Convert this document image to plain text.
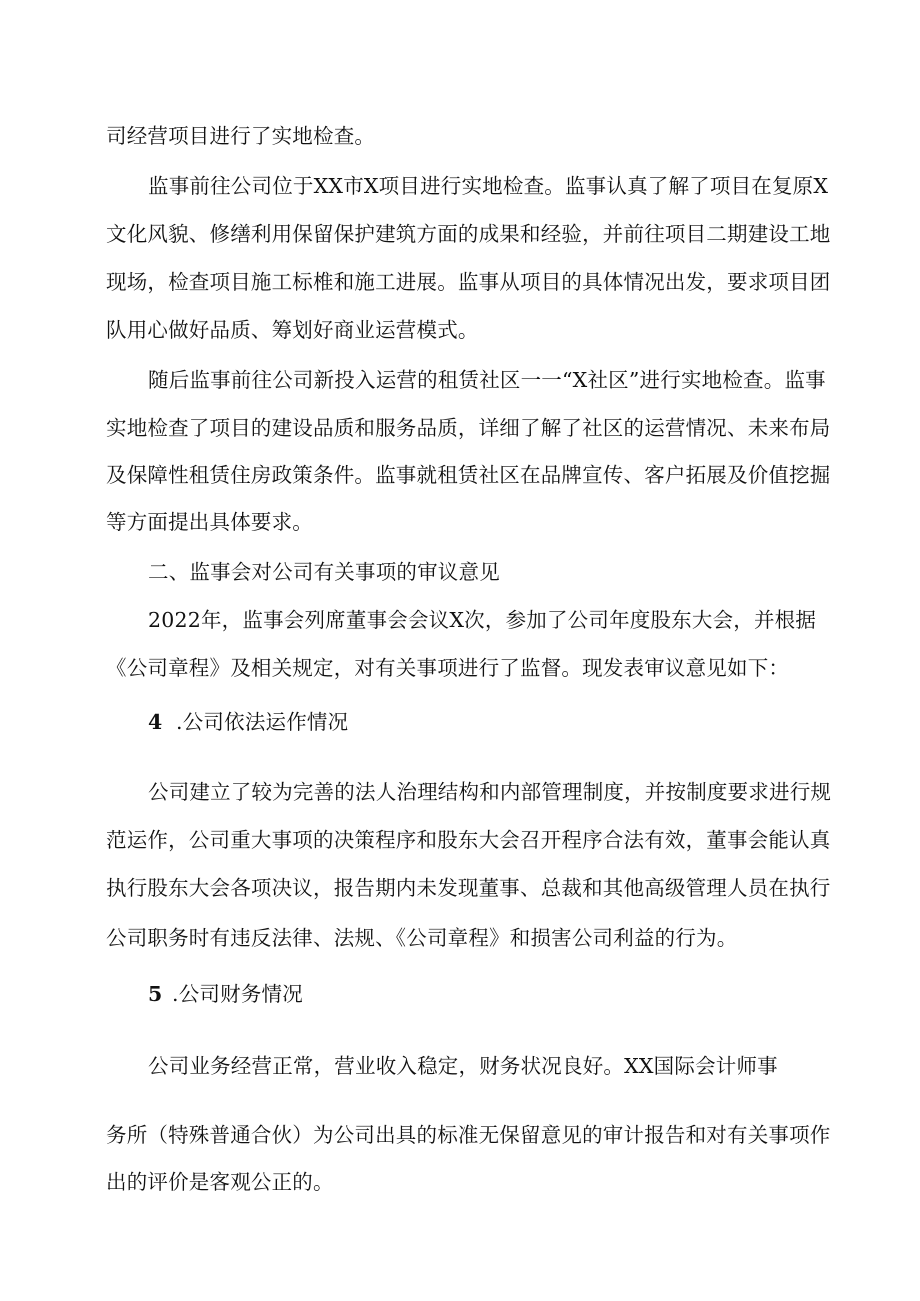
司经营项目进行了实地检查。
监事前往公司位于XX市X项目进行实地检查。监事认真了解了项目在复原X
文化风貌、修缮利用保留保护建筑方面的成果和经验，并前往项目二期建设工地
现场，检查项目施工标椎和施工进展。监事从项目的具体情况出发，要求项目团
队用心做好品质、筹划好商业运营模式。
随后监事前往公司新投入运营的租赁社区一一“X社区”进行实地检查。监事
实地检查了项目的建设品质和服务品质，详细了解了社区的运营情况、未来布局
及保障性租赁住房政策条件。监事就租赁社区在品牌宣传、客户拓展及价值挖掘
等方面提出具体要求。
二、监事会对公司有关事项的审议意见
2022年，监事会列席董事会会议X次，参加了公司年度股东大会，并根据
《公司章程》及相关规定，对有关事项进行了监督。现发表审议意见如下：
4 .公司依法运作情况
公司建立了较为完善的法人治理结构和内部管理制度，并按制度要求进行规
范运作，公司重大事项的决策程序和股东大会召开程序合法有效，董事会能认真
执行股东大会各项决议，报告期内未发现董事、总裁和其他高级管理人员在执行
公司职务时有违反法律、法规、《公司章程》和损害公司利益的行为。
5 .公司财务情况
公司业务经营正常，营业收入稳定，财务状况良好。XX国际会计师事
务所（特殊普通合伙）为公司出具的标准无保留意见的审计报告和对有关事项作
出的评价是客观公正的。
